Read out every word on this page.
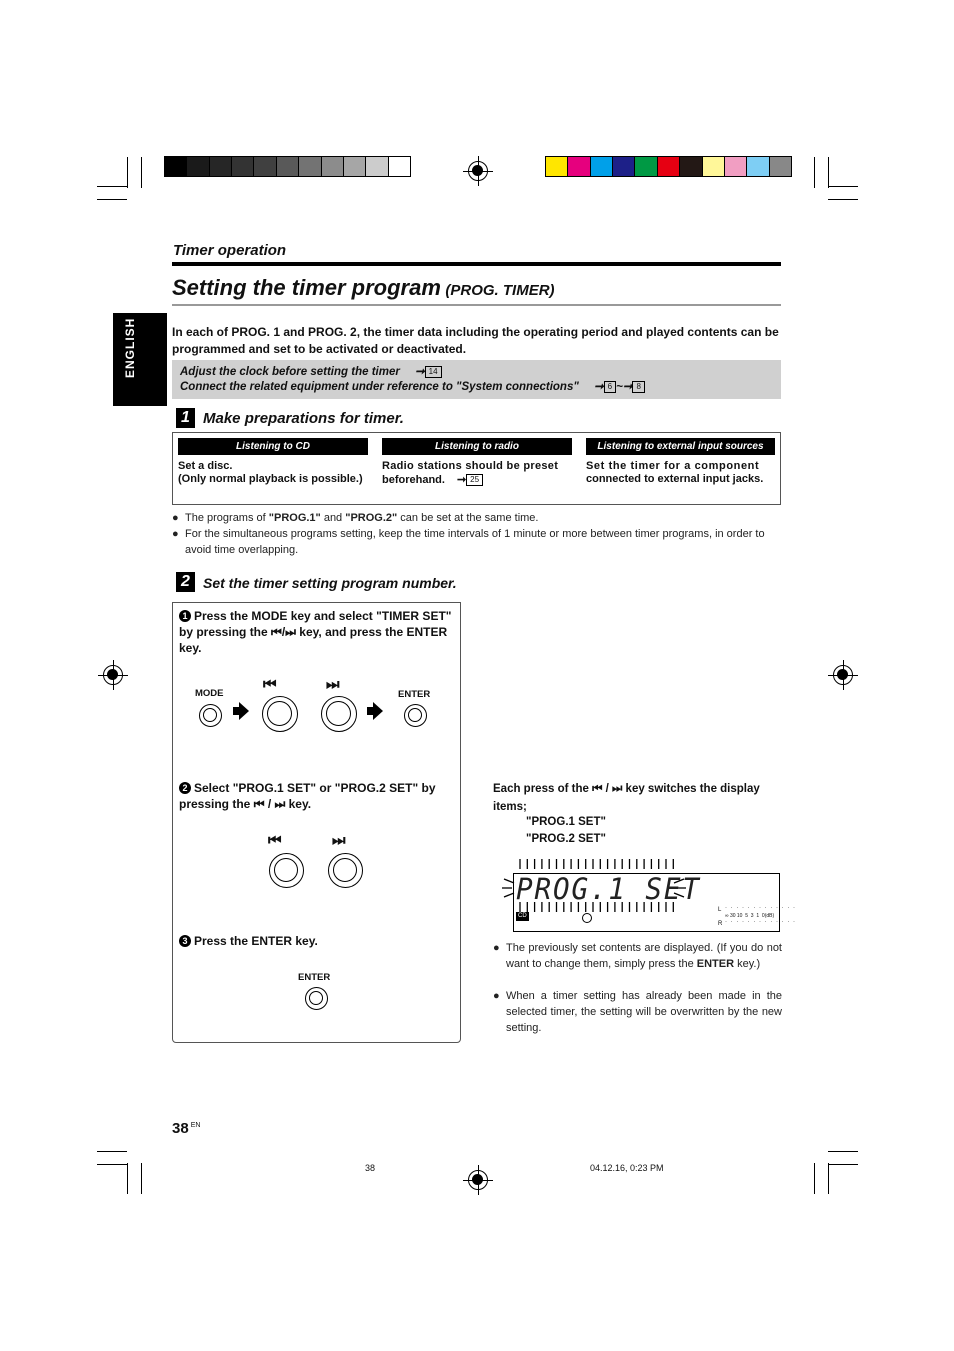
ENGLISH
Timer operation
Setting the timer program (PROG. TIMER)
In each of PROG. 1 and PROG. 2, the timer data including the operating period and played contents can be programmed and set to be activated or deactivated.
Adjust the clock before setting the timer ➞ 14
Connect the related equipment under reference to "System connections" ➞ 6 ~➞ 8
1 Make preparations for timer.
Listening to CD
Set a disc.
(Only normal playback is possible.)
Listening to radio
Radio stations should be preset
beforehand. ➞ 25
Listening to external input sources
Set the timer for a component
connected to external input jacks.
● The programs of "PROG.1" and "PROG.2" can be set at the same time.
● For the simultaneous programs setting, keep the time intervals of 1 minute or more between timer programs, in order to avoid time overlapping.
2 Set the timer setting program number.
1 Press the MODE key and select "TIMER SET" by pressing the ⏮/⏭ key, and press the ENTER key.
MODE	ENTER
⏮	⏭
2 Select "PROG.1 SET" or "PROG.2 SET" by pressing the ⏮ / ⏭ key.
⏮	⏭
3 Press the ENTER key.
ENTER
Each press of the ⏮ / ⏭ key switches the display items;
"PROG.1 SET"
"PROG.2 SET"
PROG.1 SET
CD
L
R
· · · · · · · · · · · · ·
· · · · · · · · · · · · ·
∞ 30 10  5  3  1  0(dB)
● The previously set contents are displayed. (If you do not want to change them, simply press the ENTER key.)
● When a timer setting has already been made in the selected timer, the setting will be overwritten by the new setting.
38 $^{EN}$
38	04.12.16, 0:23 PM
